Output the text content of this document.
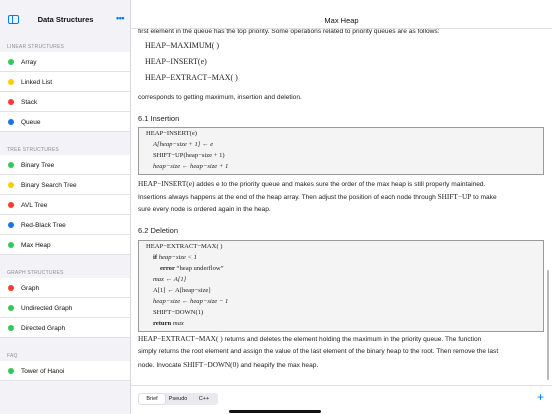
Data Structures	•••
LINEAR STRUCTURES
Array
Linked List
Stack
Queue
TREE STRUCTURES
Binary Tree
Binary Search Tree
AVL Tree
Red-Black Tree
Max Heap
GRAPH STRUCTURES
Graph
Undirected Graph
Directed Graph
FAQ
Tower of Hanoi
Max Heap
first element in the queue has the top priority. Some operations related to priority queues are as follows:
HEAP−MAXIMUM( )
HEAP−INSERT(e)
HEAP−EXTRACT−MAX( )
corresponds to getting maximum, insertion and deletion.
6.1 Insertion
HEAP−INSERT(e)
A[heap−size + 1] ← e
SHIFT−UP(heap−size + 1)
heap−size ← heap−size + 1
HEAP−INSERT(e) addes e to the priority queue and makes sure the order of the max heap is still properly maintained.
Insertions always happens at the end of the heap array. Then adjust the position of each node through SHIFT−UP to make
sure every node is ordered again in the heap.
6.2 Deletion
HEAP−EXTRACT−MAX( )
if heap−size < 1
error “heap underflow”
max ← A[1]
A[1] ← A[heap−size]
heap−size ← heap−size − 1
SHIFT−DOWN(1)
return max
HEAP−EXTRACT−MAX( ) returns and deletes the element holding the maximum in the priority queue. The function
simply returns the root element and assign the value of the last element of the binary heap to the root. Then remove the last
node. Invocate SHIFT−DOWN(0) and heapify the max heap.
Brief	Pseudo	C++	+
